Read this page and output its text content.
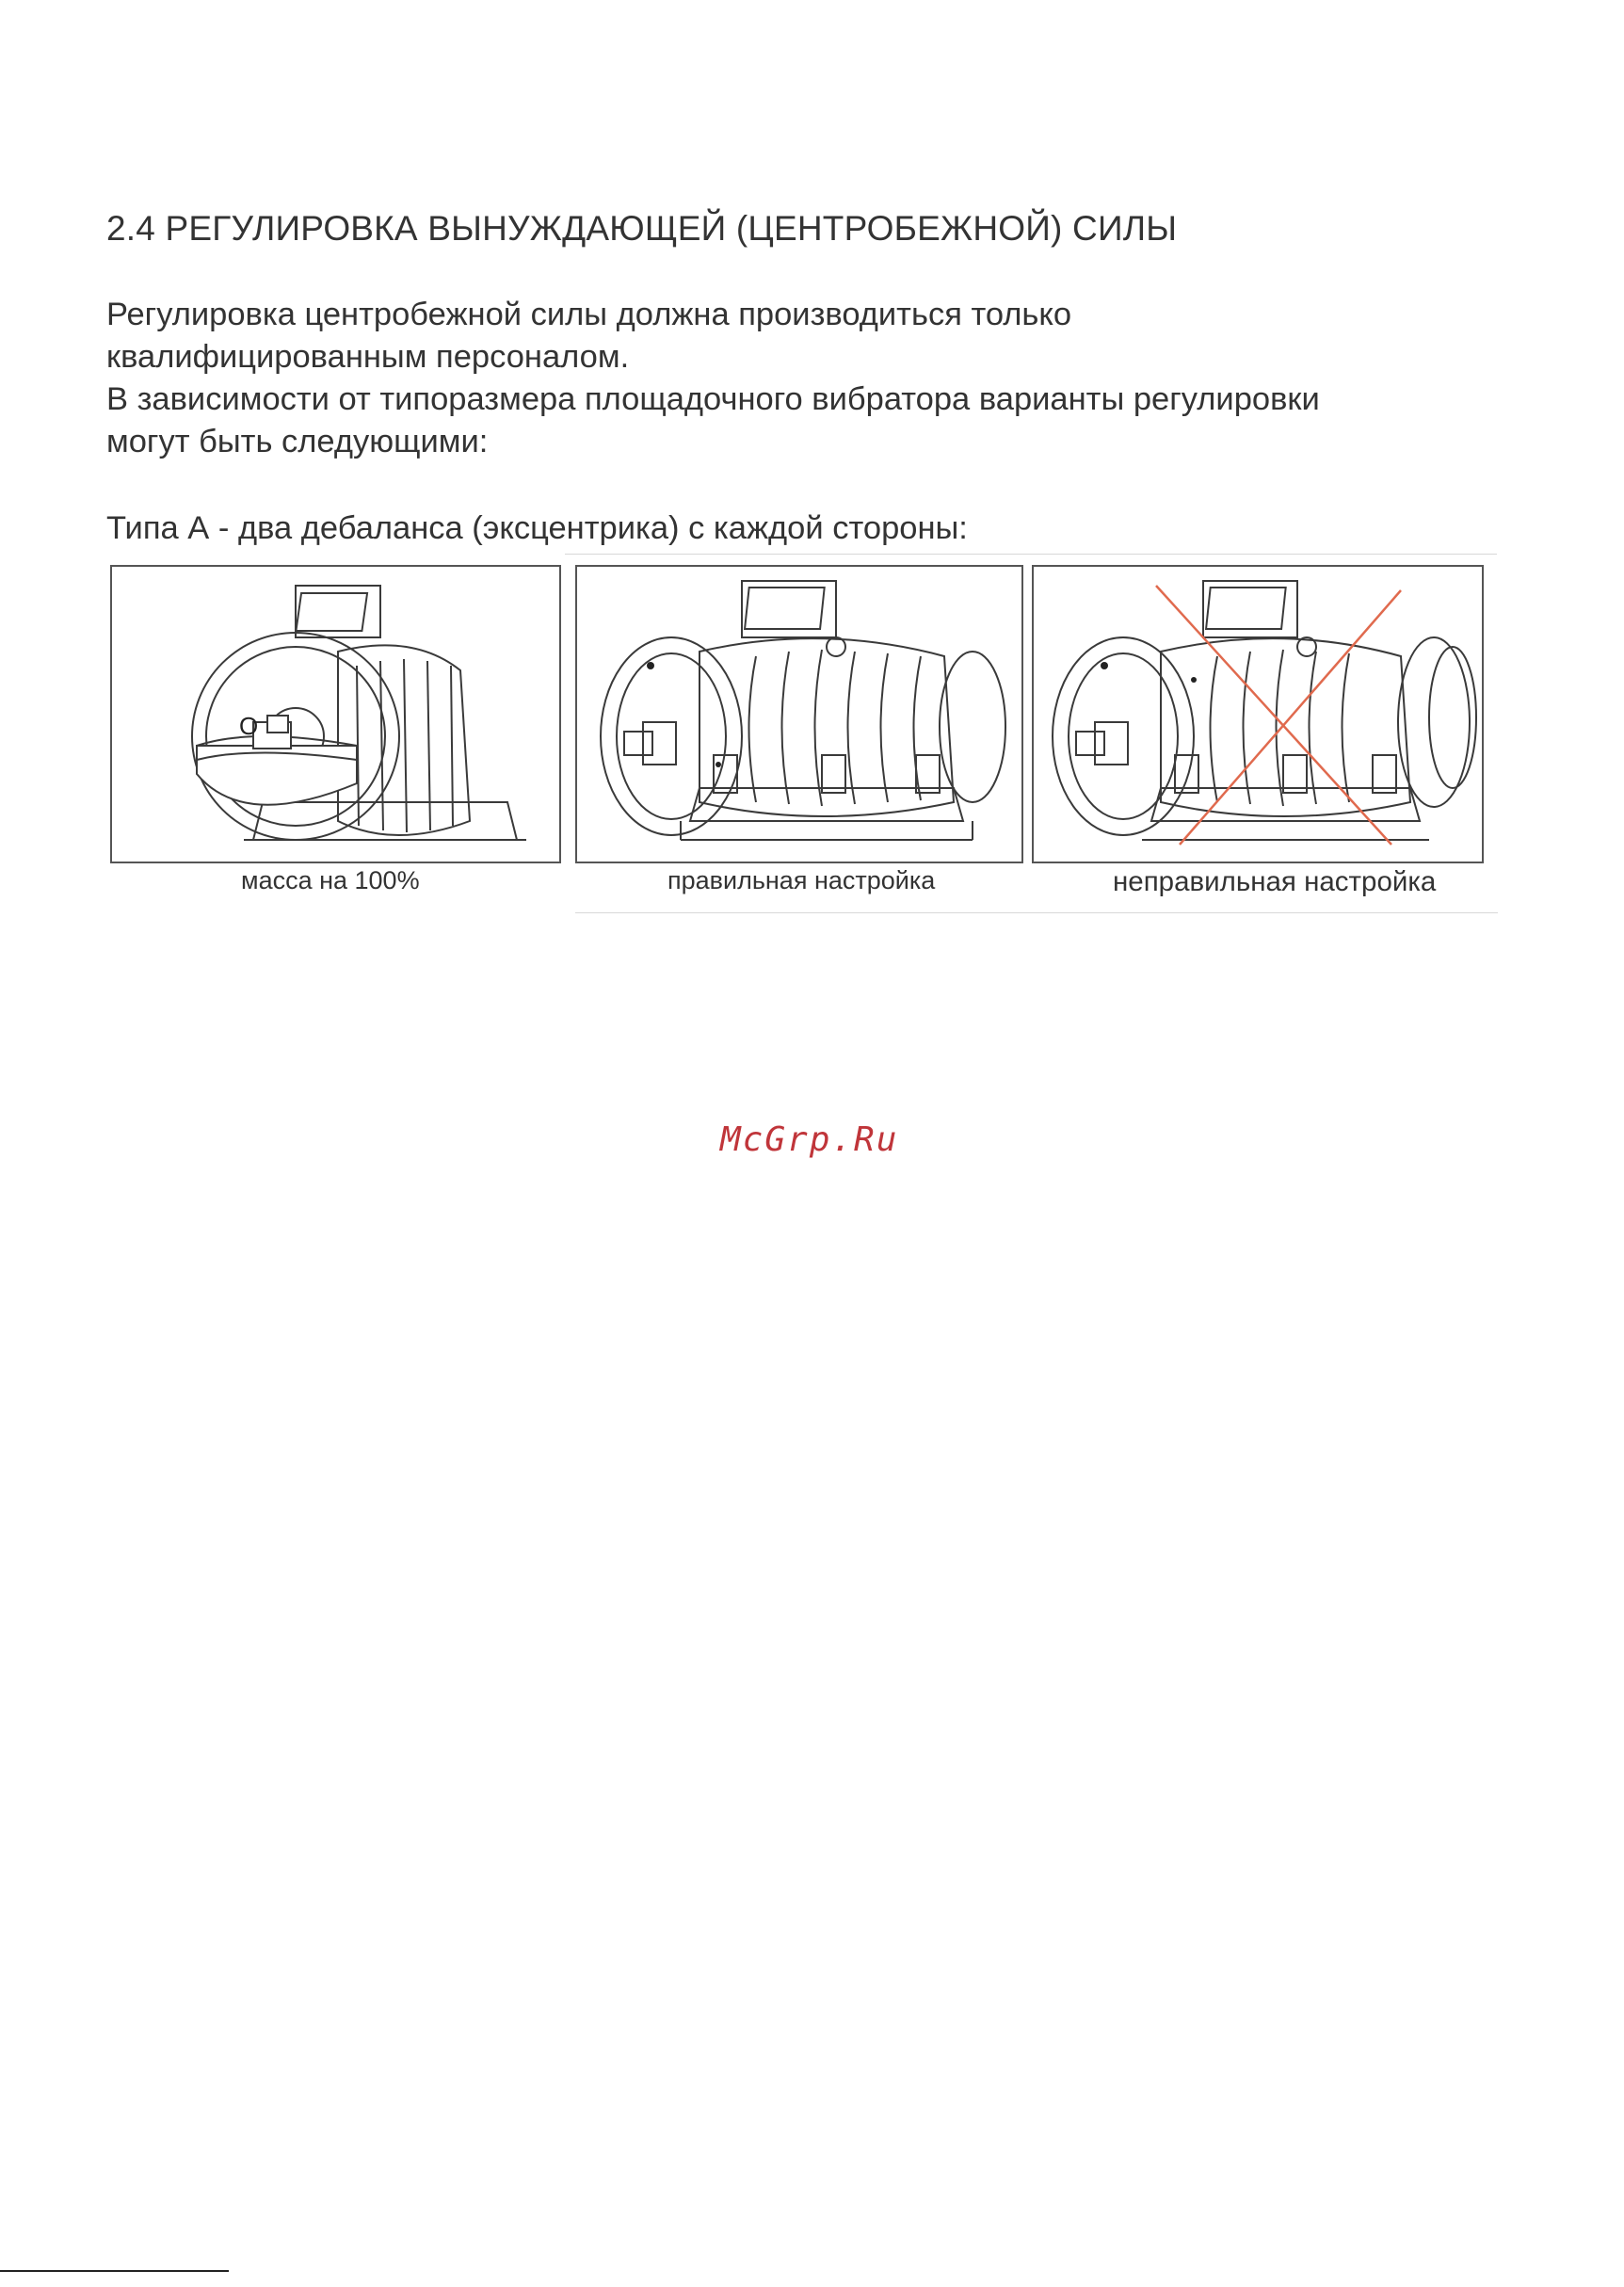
2.4 РЕГУЛИРОВКА ВЫНУЖДАЮЩЕЙ (ЦЕНТРОБЕЖНОЙ) СИЛЫ
Регулировка центробежной силы должна производиться только
квалифицированным персоналом.
В зависимости от типоразмера площадочного вибратора варианты регулировки
могут быть следующими:
Типа А - два дебаланса (эксцентрика) с каждой стороны:
O
масса на 100%	правильная настройка	неправильная настройка
McGrp.Ru
